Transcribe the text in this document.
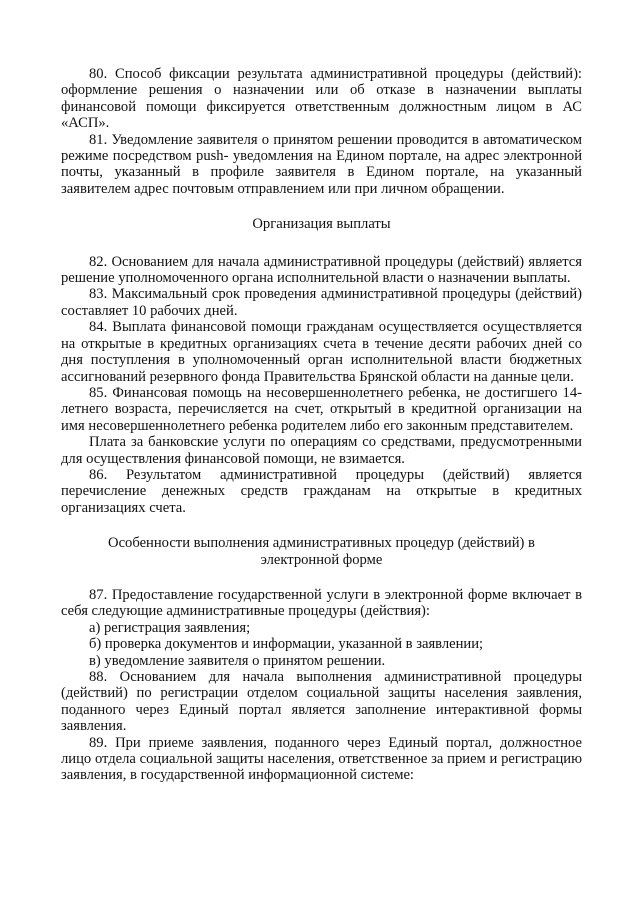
80. Способ фиксации результата административной процедуры (действий): оформление решения о назначении или об отказе в назначении выплаты финансовой помощи фиксируется ответственным должностным лицом в АС «АСП».

81. Уведомление заявителя о принятом решении проводится в автоматическом режиме посредством push- уведомления на Едином портале, на адрес электронной почты, указанный в профиле заявителя в Едином портале, на указанный заявителем адрес почтовым отправлением или при личном обращении.

Организация выплаты

82. Основанием для начала административной процедуры (действий) является решение уполномоченного органа исполнительной власти о назначении выплаты.

83. Максимальный срок проведения административной процедуры (действий) составляет 10 рабочих дней.

84. Выплата финансовой помощи гражданам осуществляется осуществляется на открытые в кредитных организациях счета в течение десяти рабочих дней со дня поступления в уполномоченный орган исполнительной власти бюджетных ассигнований резервного фонда Правительства Брянской области на данные цели.

85. Финансовая помощь на несовершеннолетнего ребенка, не достигшего 14-летнего возраста, перечисляется на счет, открытый в кредитной организации на имя несовершеннолетнего ребенка родителем либо его законным представителем.

Плата за банковские услуги по операциям со средствами, предусмотренными для осуществления финансовой помощи, не взимается.

86. Результатом административной процедуры (действий) является перечисление денежных средств гражданам на открытые в кредитных организациях счета.

Особенности выполнения административных процедур (действий) в
электронной форме

87. Предоставление государственной услуги в электронной форме включает в себя следующие административные процедуры (действия):

а) регистрация заявления;

б) проверка документов и информации, указанной в заявлении;

в) уведомление заявителя о принятом решении.

88. Основанием для начала выполнения административной процедуры (действий) по регистрации отделом социальной защиты населения заявления, поданного через Единый портал является заполнение интерактивной формы заявления.

89. При приеме заявления, поданного через Единый портал, должностное лицо отдела социальной защиты населения, ответственное за прием и регистрацию заявления, в государственной информационной системе:
